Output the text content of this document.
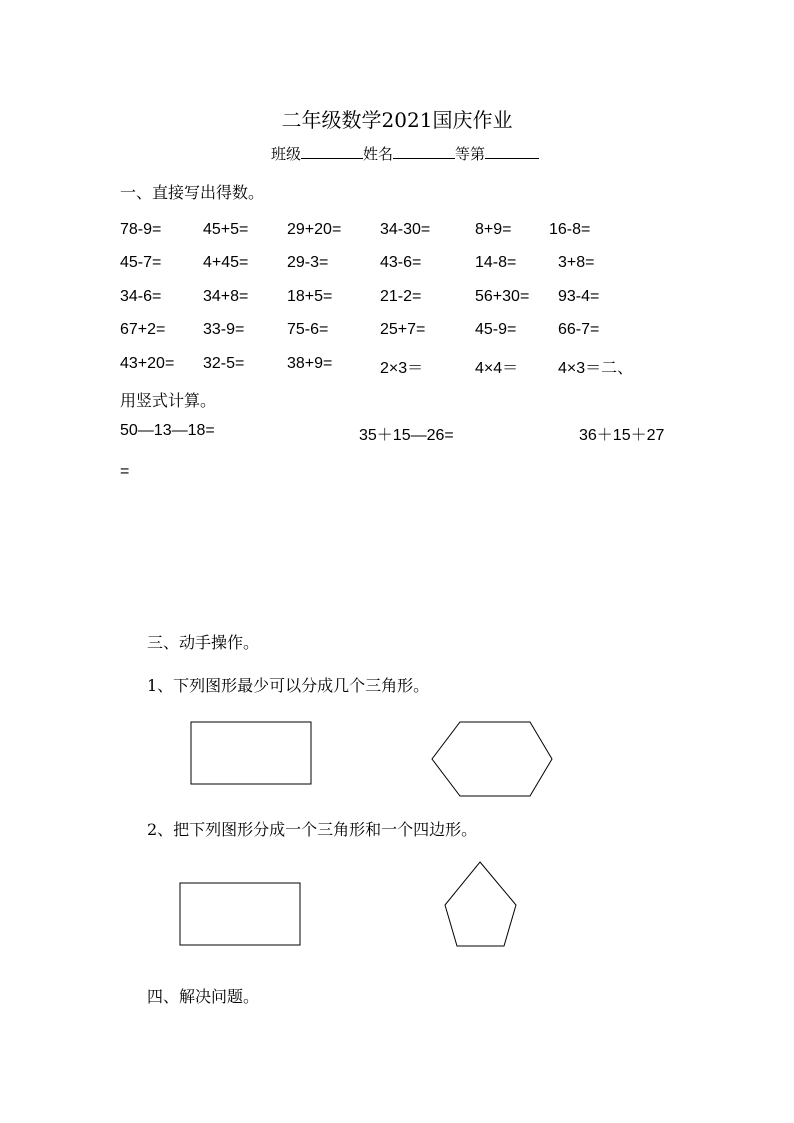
二年级数学2021国庆作业
班级	姓名	等第
一、直接写出得数。
78-9=	45+5= 29+20= 34-30=	8+9= 16-8=
45-7=	4+45= 29-3=	43-6=	14-8=	3+8=
34-6=	34+8= 18+5=	21-2=	56+30= 93-4=
67+2= 33-9=	75-6=	25+7=	45-9=	66-7=
43+20= 32-5=	38+9=	2×3＝	4×4＝ 4×3＝二、
用竖式计算。
50—13—18=	35＋15—26=	36＋15＋27
=
三、动手操作。
1、下列图形最少可以分成几个三角形。
2、把下列图形分成一个三角形和一个四边形。
四、解决问题。
